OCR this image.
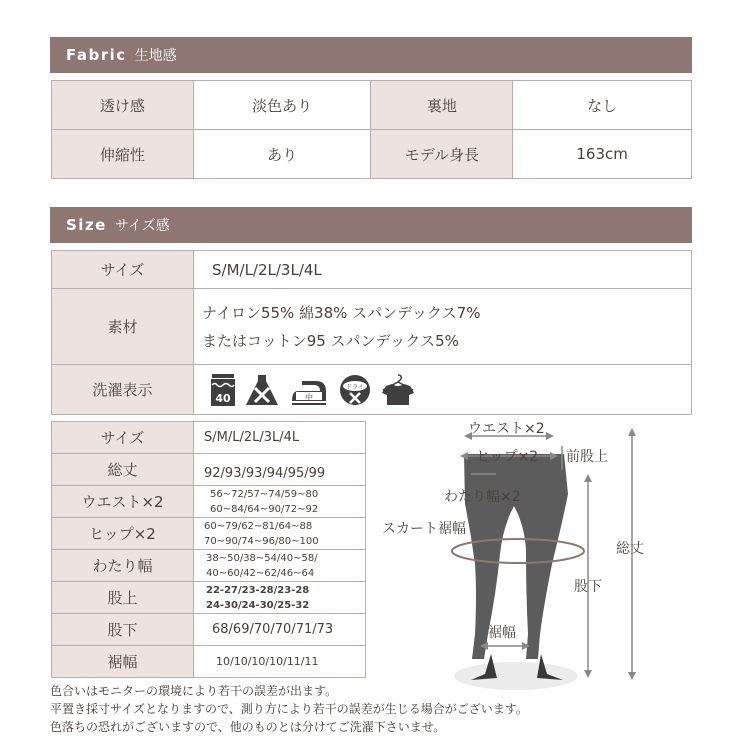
Fabric 生地感
透け感	淡色あり	裏地	なし
伸縮性	あり	モデル身長	163cm
Size サイズ感
サイズ	S/M/L/2L/3L/4L
素材	ナイロン55% 綿38% スパンデックス7%
またはコットン95 スパンデックス5%

洗濯表示	40 中
ドライ
サイズ	S/M/L/2L/3L/4L
総丈	92/93/93/94/95/99
ウエスト×2	56~72/57~74/59~80
60~84/64~90/72~92

ヒップ×2	60~79/62~81/64~88
70~90/74~96/80~100

わたり幅	38~50/38~54/40~58/
40~60/42~62/46~64

股上	22-27/23-28/23-28
24-30/24-30/25-32

股下	68/69/70/70/71/73
裾幅	10/10/10/10/11/11
ウエスト×2
ヒップ×2 前股上
わたり幅×2
スカート裾幅
総丈
股下
裾幅
色合いはモニターの環境により若干の誤差が出ます。
平置き採寸サイズとなりますので、測り方により若干の誤差が生じる場合がございます。
色落ちの恐れがございますので、他のものとは分けてご洗濯下さいませ。
